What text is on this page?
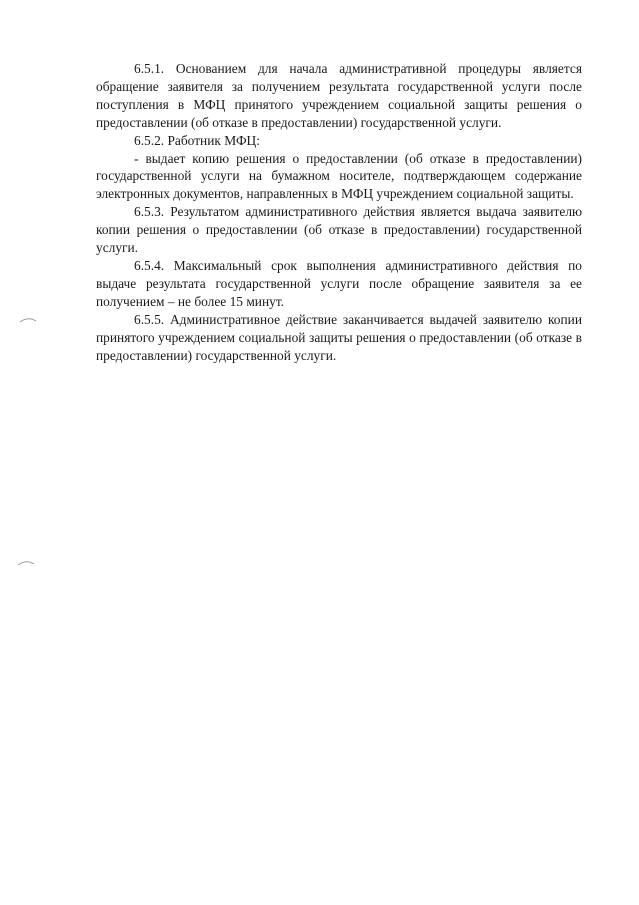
6.5.1. Основанием для начала административной процедуры является обращение заявителя за получением результата государственной услуги после поступления в МФЦ принятого учреждением социальной защиты решения о предоставлении (об отказе в предоставлении) государственной услуги.

6.5.2. Работник МФЦ:

- выдает копию решения о предоставлении (об отказе в предоставлении) государственной услуги на бумажном носителе, подтверждающем содержание электронных документов, направленных в МФЦ учреждением социальной защиты.

6.5.3. Результатом административного действия является выдача заявителю копии решения о предоставлении (об отказе в предоставлении) государственной услуги.

6.5.4. Максимальный срок выполнения административного действия по выдаче результата государственной услуги после обращение заявителя за ее получением – не более 15 минут.

6.5.5. Административное действие заканчивается выдачей заявителю копии принятого учреждением социальной защиты решения о предоставлении (об отказе в предоставлении) государственной услуги.
